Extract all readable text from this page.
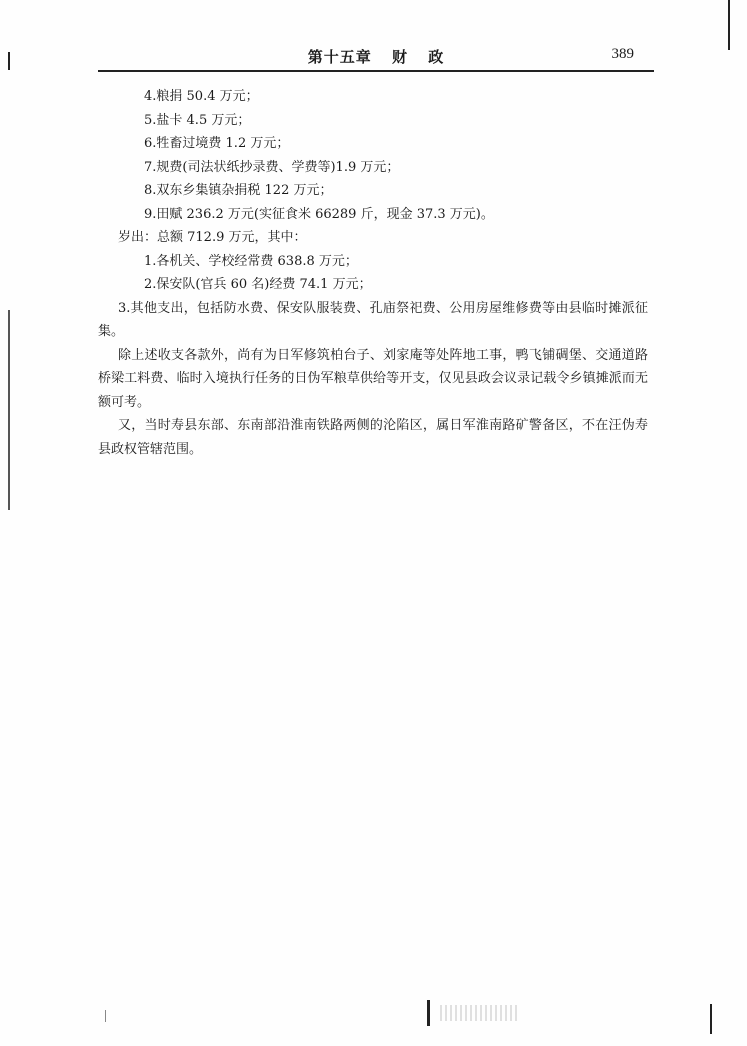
第十五章 财 政	389

4.粮捐 50.4 万元；

5.盐卡 4.5 万元；

6.牲畜过境费 1.2 万元；

7.规费(司法状纸抄录费、学费等)1.9 万元；

8.双东乡集镇杂捐税 122 万元；

9.田赋 236.2 万元(实征食米 66289 斤，现金 37.3 万元)。

岁出：总额 712.9 万元，其中：

1.各机关、学校经常费 638.8 万元；

2.保安队(官兵 60 名)经费 74.1 万元；

3.其他支出，包括防水费、保安队服装费、孔庙祭祀费、公用房屋维修费等由县临时摊派征集。

除上述收支各款外，尚有为日军修筑柏台子、刘家庵等处阵地工事，鸭飞铺碉堡、交通道路桥梁工料费、临时入境执行任务的日伪军粮草供给等开支，仅见县政会议录记载令乡镇摊派而无额可考。

又，当时寿县东部、东南部沿淮南铁路两侧的沦陷区，属日军淮南路矿警备区，不在汪伪寿县政权管辖范围。
